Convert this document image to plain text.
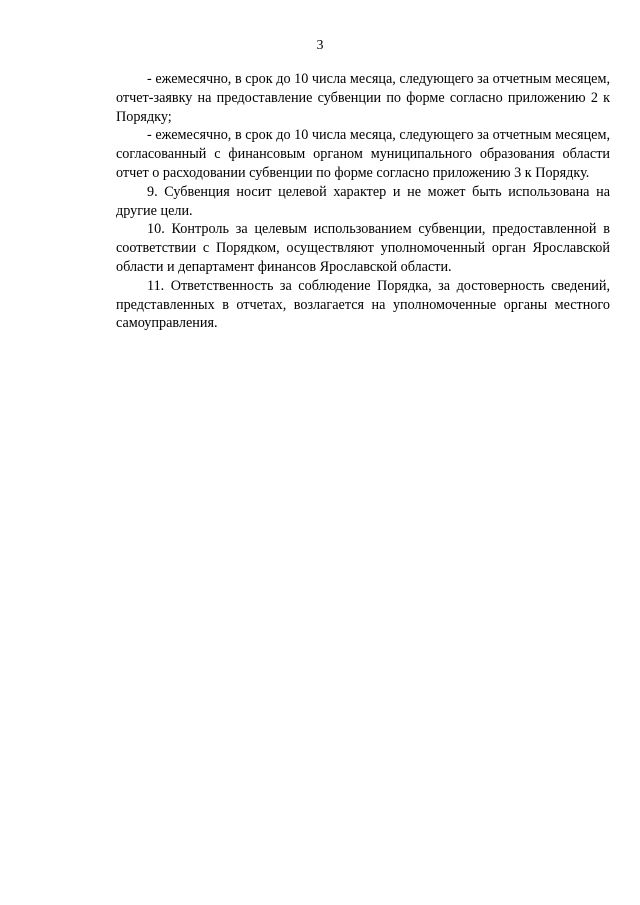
3

- ежемесячно, в срок до 10 числа месяца, следующего за отчетным месяцем, отчет-заявку на предоставление субвенции по форме согласно приложению 2 к Порядку;

- ежемесячно, в срок до 10 числа месяца, следующего за отчетным месяцем, согласованный с финансовым органом муниципального образования области отчет о расходовании субвенции по форме согласно приложению 3 к Порядку.

9. Субвенция носит целевой характер и не может быть использована на другие цели.

10. Контроль за целевым использованием субвенции, предоставленной в соответствии с Порядком, осуществляют уполномоченный орган Ярославской области и департамент финансов Ярославской области.

11. Ответственность за соблюдение Порядка, за достоверность сведений, представленных в отчетах, возлагается на уполномоченные органы местного самоуправления.
